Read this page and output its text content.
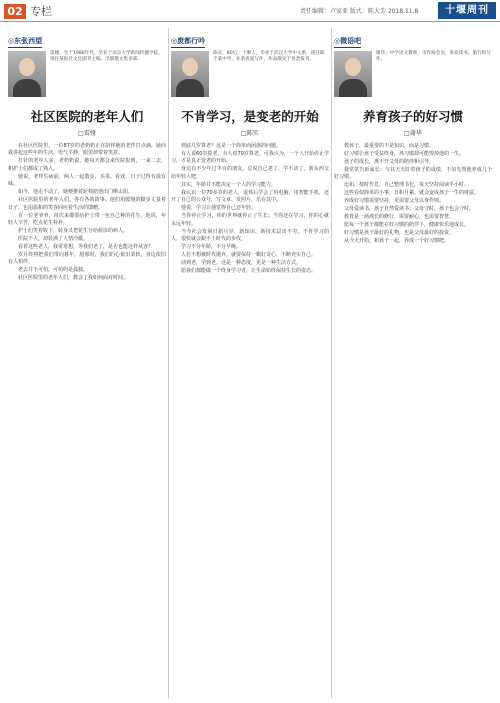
02 专栏	责任编辑：卢家亚 版式：陈大芳 2018.11.8	十堰周刊
◎东张西望
雷娅，生于1980年代，毕业于南京大学新闻传播学院。现任某报社文化副刊主编，出版散文集多部。
社区医院的老年人们
□雷娅

在社区医院里，一位87岁的老奶奶正在陪伴她的老伴打点滴。她向我讲起这些年的生活，语气平静，眼里却带着笑意。

打针的老年人多，老奶奶说，她每天都会来医院报到，一来二去，和护士们都成了熟人。

她说，老伴生病前，两人一起散步、买菜、看戏，日子过得有滋有味。

如今，他走不动了，她便推着轮椅陪他出门晒太阳。

社区医院里的老年人们，各有各的故事。他们用缓慢的脚步丈量着日子，也用温和的笑容回应着生活的馈赠。

有一位老爷爷，每次来都要给护士带一包自己种的花生。他说，年轻人辛苦，吃点花生补补。

护士们笑着收下，转身又把花生分给候诊的病人。

医院不大，却装满了人情冷暖。

看着这些老人，我常常想，等我们老了，是否也能这样从容？

岁月终将把我们带向暮年，愿那时，我们的心依旧柔软，身边依旧有人相伴。

老去并不可怕，可怕的是孤独。

社区医院里的老年人们，教会了我如何面对时间。

◎废都行吟
陈实，80后，十堰人，毕业于武汉大学中文系，现任职于某中学。业余喜爱写作，作品散见于各类报刊。
不肯学习，是变老的开始
□陈实

到底几岁算老？这是一个简单而困惑的问题。

有人说60岁算老，有人说70岁算老。可我认为，一个人开始停止学习，才是真正变老的开始。

身边有不少年过半百的朋友，总说自己老了，学不动了，新东西交给年轻人吧。

其实，年龄并不能决定一个人的学习能力。

我认识一位70多岁的老人，退休后学会了用电脑、用智能手机，还开了自己的公众号，写文章、发照片，乐在其中。

他说，学习让他觉得自己还年轻。

当你停止学习，你的世界就停止了生长；当你还在学习，你的心就永远年轻。

当今社会发展日新月异，新知识、新技术层出不穷。不肯学习的人，很快就会跟不上时代的步伐。

学习不分年龄，不分早晚。

人若不想被时代抛弃，就要保持一颗好奇心，不断充实自己。

活到老，学到老，这是一种态度，更是一种生活方式。

愿我们都能做一个终身学习者，让生命始终保持生长的姿态。

◎微语吧
谢华，中学语文教师，市作协会员，喜欢读书、旅行和写作。
养育孩子的好习惯
□谢华

教孩子，最重要的不是知识，而是习惯。

好习惯让孩子受益终身，坏习惯却可能毁掉他的一生。

孩子的成长，离不开父母的陪伴和引导。

我常常告诉家长：与其天天盯着孩子的成绩，不如先帮他养成几个好习惯。

比如，按时作息，自己整理书包，每天坚持阅读半小时。

这些看似简单的小事，日积月累，就会变成孩子一生的财富。

养成好习惯需要坚持，更需要父母以身作则。

父母爱读书，孩子自然爱读书；父母守时，孩子也会守时。

教育是一场漫长的修行，需要耐心，也需要智慧。

愿每一个孩子都能在好习惯的陪伴下，健康快乐地成长。

好习惯是孩子最好的礼物，也是父母最好的投资。

从今天开始，和孩子一起，养成一个好习惯吧。
